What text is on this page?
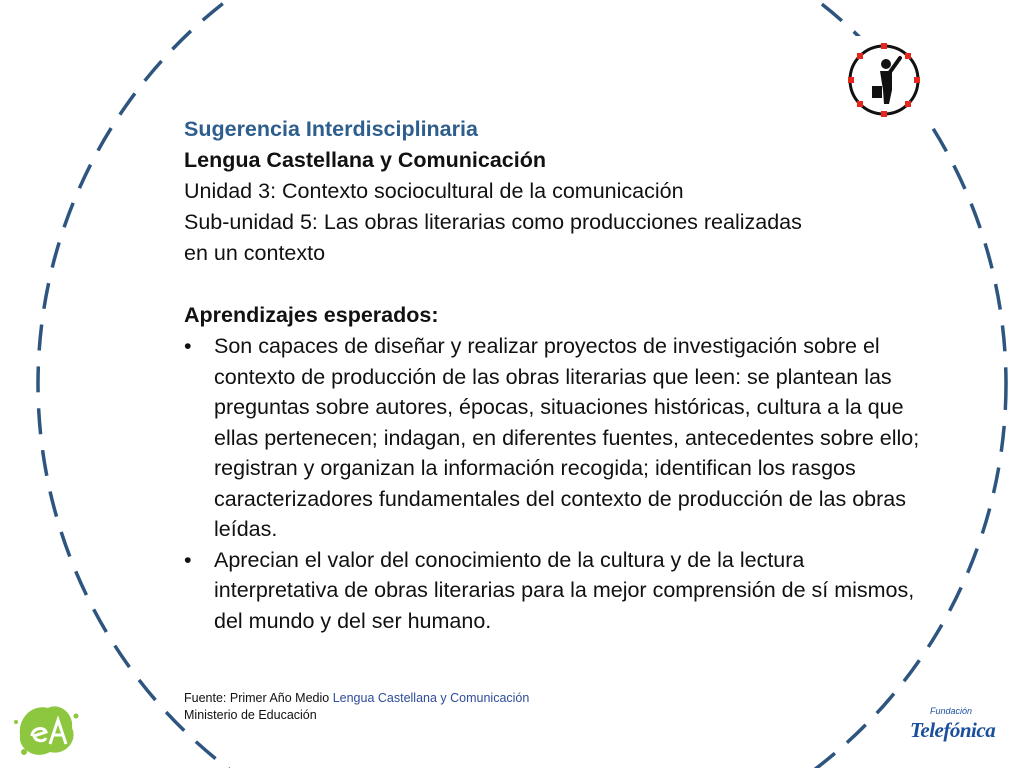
Sugerencia Interdisciplinaria
Lengua Castellana y Comunicación
Unidad 3: Contexto sociocultural de la comunicación
Sub-unidad 5: Las obras literarias como producciones realizadas
en un contexto
Aprendizajes esperados:
• Son capaces de diseñar y realizar proyectos de investigación sobre el contexto de producción de las obras literarias que leen: se plantean las preguntas sobre autores, épocas, situaciones históricas, cultura a la que ellas pertenecen; indagan, en diferentes fuentes, antecedentes sobre ello; registran y organizan la información recogida; identifican los rasgos caracterizadores fundamentales del contexto de producción de las obras leídas.
• Aprecian el valor del conocimiento de la cultura y de la lectura interpretativa de obras literarias para la mejor comprensión de sí mismos, del mundo y del ser humano.
Fuente: Primer Año Medio Lengua Castellana y Comunicación
Ministerio de Educación	Fundación
Telefónica
